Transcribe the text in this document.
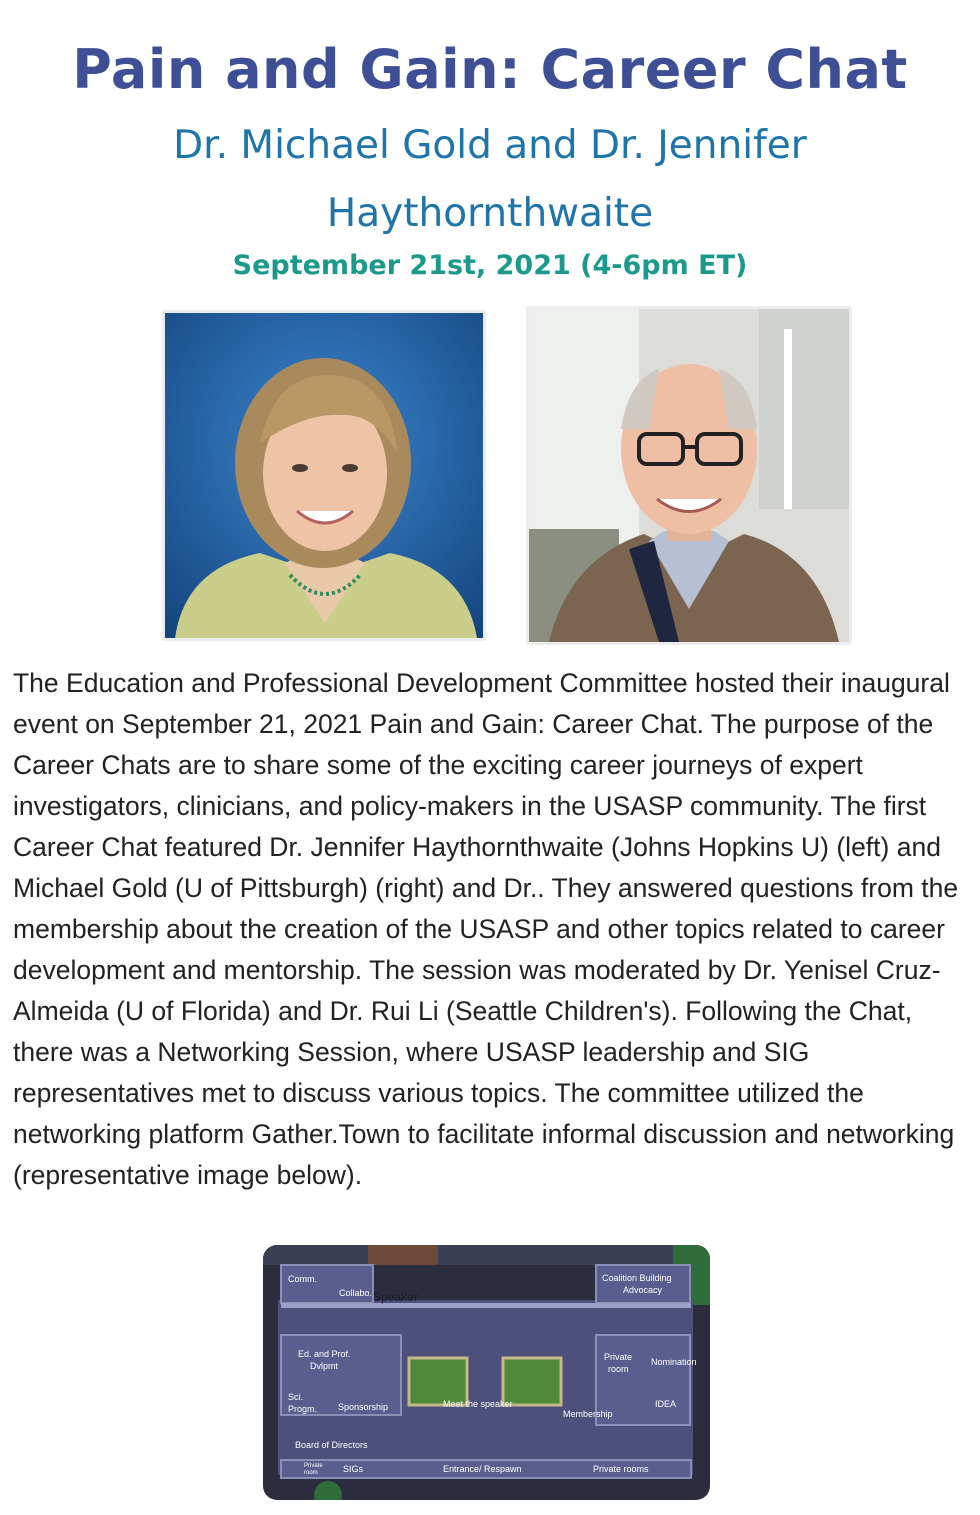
Pain and Gain: Career Chat
Dr. Michael Gold and Dr. Jennifer Haythornthwaite
September 21st, 2021 (4-6pm ET)
The Education and Professional Development Committee hosted their inaugural event on September 21, 2021 Pain and Gain: Career Chat. The purpose of the Career Chats are to share some of the exciting career journeys of expert investigators, clinicians, and policy-makers in the USASP community. The first Career Chat featured Dr. Jennifer Haythornthwaite (Johns Hopkins U) (left) and Michael Gold (U of Pittsburgh) (right) and Dr.. They answered questions from the membership about the creation of the USASP and other topics related to career development and mentorship. The session was moderated by Dr. Yenisel Cruz-Almeida (U of Florida) and Dr. Rui Li (Seattle Children's). Following the Chat, there was a Networking Session, where USASP leadership and SIG representatives met to discuss various topics. The committee utilized the networking platform Gather.Town to facilitate informal discussion and networking (representative image below).
Comm.
Collabo. Speaker
Coalition Building
Advocacy
Ed. and Prof.
Dvlpmt
Sci.
Progm. Sponsorship	Meet the speaker
Membership
Private
room
Nomination
IDEA
Board of Directors
Private
room	SIGs	Entrance/ Respawn	Private rooms
